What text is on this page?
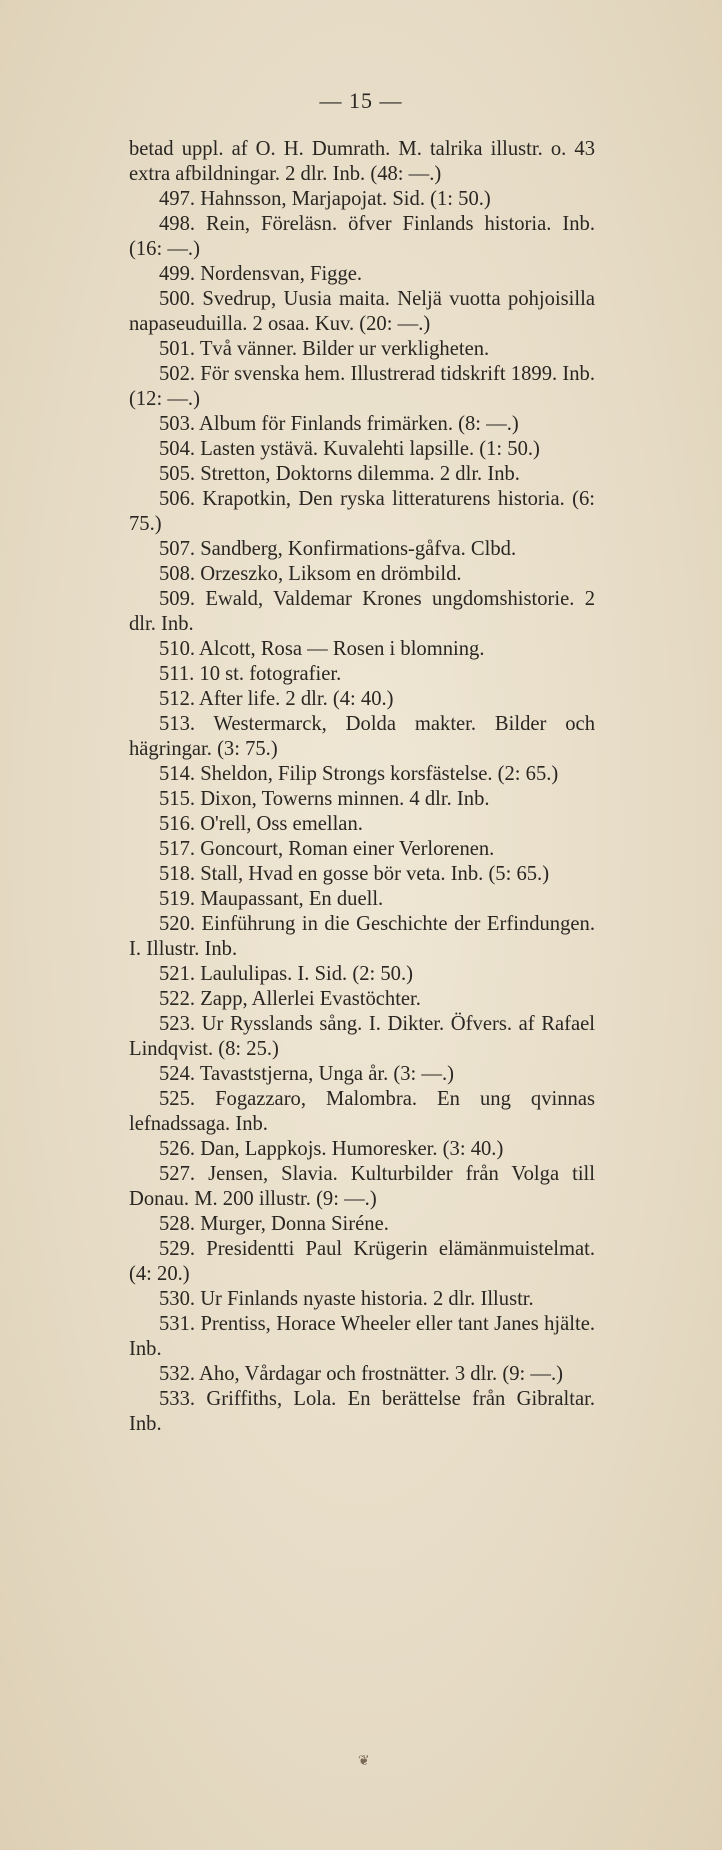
— 15 —
betad uppl. af O. H. Dumrath. M. talrika illustr. o. 43 extra afbildningar. 2 dlr. Inb. (48: —.)
497. Hahnsson, Marjapojat. Sid. (1: 50.)
498. Rein, Föreläsn. öfver Finlands historia. Inb. (16: —.)
499. Nordensvan, Figge.
500. Svedrup, Uusia maita. Neljä vuotta pohjoisilla napaseuduilla. 2 osaa. Kuv. (20: —.)
501. Två vänner. Bilder ur verkligheten.
502. För svenska hem. Illustrerad tidskrift 1899. Inb. (12: —.)
503. Album för Finlands frimärken. (8: —.)
504. Lasten ystävä. Kuvalehti lapsille. (1: 50.)
505. Stretton, Doktorns dilemma. 2 dlr. Inb.
506. Krapotkin, Den ryska litteraturens historia. (6: 75.)
507. Sandberg, Konfirmations-gåfva. Clbd.
508. Orzeszko, Liksom en drömbild.
509. Ewald, Valdemar Krones ungdomshistorie. 2 dlr. Inb.
510. Alcott, Rosa — Rosen i blomning.
511. 10 st. fotografier.
512. After life. 2 dlr. (4: 40.)
513. Westermarck, Dolda makter. Bilder och hägringar. (3: 75.)
514. Sheldon, Filip Strongs korsfästelse. (2: 65.)
515. Dixon, Towerns minnen. 4 dlr. Inb.
516. O'rell, Oss emellan.
517. Goncourt, Roman einer Verlorenen.
518. Stall, Hvad en gosse bör veta. Inb. (5: 65.)
519. Maupassant, En duell.
520. Einführung in die Geschichte der Erfindungen. I. Illustr. Inb.
521. Laululipas. I. Sid. (2: 50.)
522. Zapp, Allerlei Evastöchter.
523. Ur Rysslands sång. I. Dikter. Öfvers. af Rafael Lindqvist. (8: 25.)
524. Tavaststjerna, Unga år. (3: —.)
525. Fogazzaro, Malombra. En ung qvinnas lefnadssaga. Inb.
526. Dan, Lappkojs. Humoresker. (3: 40.)
527. Jensen, Slavia. Kulturbilder från Volga till Donau. M. 200 illustr. (9: —.)
528. Murger, Donna Siréne.
529. Presidentti Paul Krügerin elämänmuistelmat. (4: 20.)
530. Ur Finlands nyaste historia. 2 dlr. Illustr.
531. Prentiss, Horace Wheeler eller tant Janes hjälte. Inb.
532. Aho, Vårdagar och frostnätter. 3 dlr. (9: —.)
533. Griffiths, Lola. En berättelse från Gibraltar. Inb.
❦
